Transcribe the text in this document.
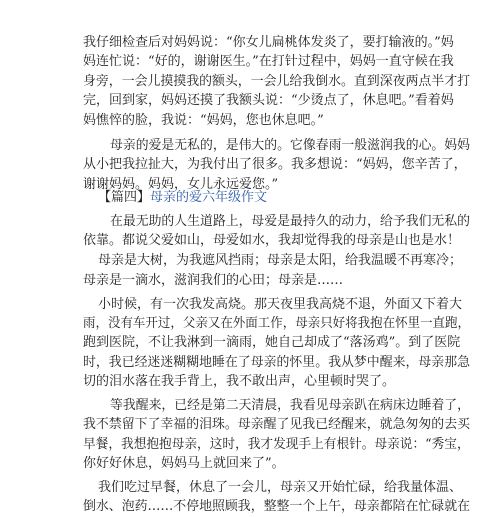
我仔细检查后对妈妈说：“你女儿扁桃体发炎了，要打输液的。”妈
妈连忙说：“好的，谢谢医生。”在打针过程中，妈妈一直守候在我
身旁，一会儿摸摸我的额头，一会儿给我倒水。直到深夜两点半才打
完，回到家，妈妈还摸了我额头说：“少烫点了，休息吧。”看着妈
妈憔悴的脸，我说：“妈妈，您也休息吧。”
母亲的爱是无私的，是伟大的。它像春雨一般滋润我的心。妈妈
从小把我拉扯大，为我付出了很多。我多想说：“妈妈，您辛苦了，
谢谢妈妈。妈妈，女儿永远爱您。”
【篇四】母亲的爱六年级作文
在最无助的人生道路上，母爱是最持久的动力，给予我们无私的
依靠。都说父爱如山，母爱如水，我却觉得我的母亲是山也是水！
母亲是大树，为我遮风挡雨；母亲是太阳，给我温暖不再寒冷；
母亲是一滴水，滋润我们的心田；母亲是……
小时候，有一次我发高烧。那天夜里我高烧不退，外面又下着大
雨，没有车开过，父亲又在外面工作，母亲只好将我抱在怀里一直跑，
跑到医院，不让我淋到一滴雨，她自己却成了“落汤鸡”。到了医院
时，我已经迷迷糊糊地睡在了母亲的怀里。我从梦中醒来，母亲那急
切的泪水落在我手背上，我不敢出声，心里顿时哭了。
等我醒来，已经是第二天清晨，我看见母亲趴在病床边睡着了，
我不禁留下了幸福的泪珠。母亲醒了见我已经醒来，就急匆匆的去买
早餐，我想抱抱母亲，这时，我才发现手上有根针。母亲说：“秀宝，
你好好休息，妈妈马上就回来了”。
我们吃过早餐，休息了一会儿，母亲又开始忙碌，给我量体温、
倒水、泡药……不停地照顾我，整整一个上午，母亲都陪在忙碌就在
